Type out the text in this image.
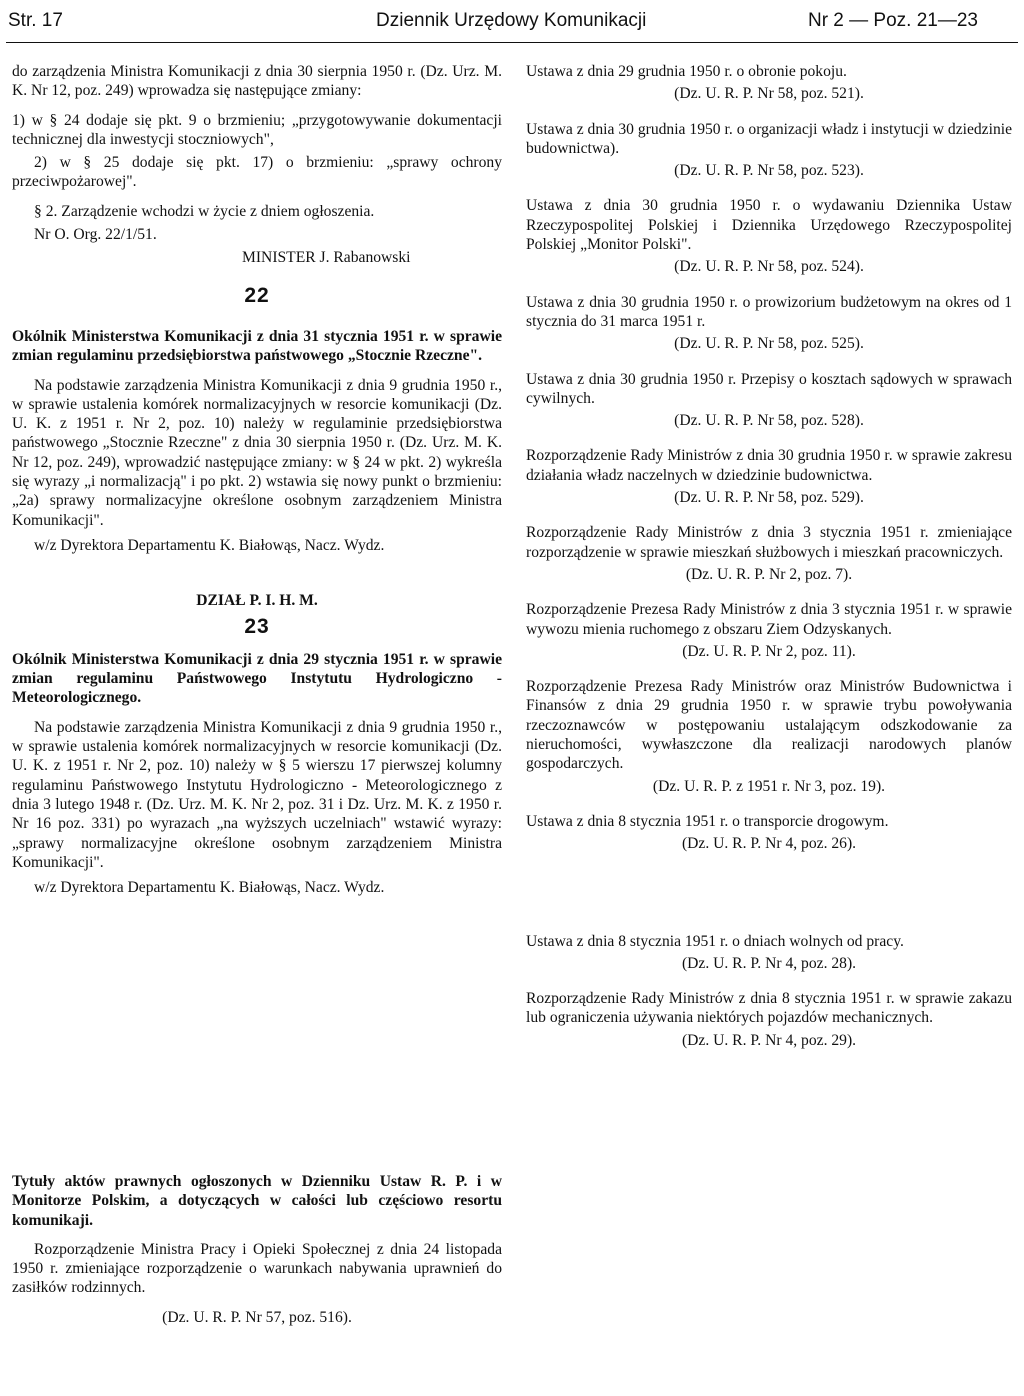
Str. 17	Dziennik Urzędowy Komunikacji	Nr 2 — Poz. 21—23

do zarządzenia Ministra Komunikacji z dnia 30 sierpnia 1950 r. (Dz. Urz. M. K. Nr 12, poz. 249) wprowadza się następujące zmiany:

1) w § 24 dodaje się pkt. 9 o brzmieniu; „przygotowywanie dokumentacji technicznej dla inwestycji stoczniowych",

2) w § 25 dodaje się pkt. 17) o brzmieniu: „sprawy ochrony przeciwpożarowej".

§ 2. Zarządzenie wchodzi w życie z dniem ogłoszenia.

Nr O. Org. 22/1/51.

MINISTER J. Rabanowski

22

Okólnik Ministerstwa Komunikacji z dnia 31 stycznia 1951 r. w sprawie zmian regulaminu przedsiębiorstwa państwowego „Stocznie Rzeczne".

Na podstawie zarządzenia Ministra Komunikacji z dnia 9 grudnia 1950 r., w sprawie ustalenia komórek normalizacyjnych w resorcie komunikacji (Dz. U. K. z 1951 r. Nr 2, poz. 10) należy w regulaminie przedsiębiorstwa państwowego „Stocznie Rzeczne" z dnia 30 sierpnia 1950 r. (Dz. Urz. M. K. Nr 12, poz. 249), wprowadzić następujące zmiany: w § 24 w pkt. 2) wykreśla się wyrazy „i normalizacją" i po pkt. 2) wstawia się nowy punkt o brzmieniu: „2a) sprawy normalizacyjne określone osobnym zarządzeniem Ministra Komunikacji".

w/z Dyrektora Departamentu K. Białowąs, Nacz. Wydz.

DZIAŁ P. I. H. M.

23

Okólnik Ministerstwa Komunikacji z dnia 29 stycznia 1951 r. w sprawie zmian regulaminu Państwowego Instytutu Hydrologiczno - Meteorologicznego.

Na podstawie zarządzenia Ministra Komunikacji z dnia 9 grudnia 1950 r., w sprawie ustalenia komórek normalizacyjnych w resorcie komunikacji (Dz. U. K. z 1951 r. Nr 2, poz. 10) należy w § 5 wierszu 17 pierwszej kolumny regulaminu Państwowego Instytutu Hydrologiczno - Meteorologicznego z dnia 3 lutego 1948 r. (Dz. Urz. M. K. Nr 2, poz. 31 i Dz. Urz. M. K. z 1950 r. Nr 16 poz. 331) po wyrazach „na wyższych uczelniach" wstawić wyrazy: „sprawy normalizacyjne określone osobnym zarządzeniem Ministra Komunikacji".

w/z Dyrektora Departamentu K. Białowąs, Nacz. Wydz.

Tytuły aktów prawnych ogłoszonych w Dzienniku Ustaw R. P. i w Monitorze Polskim, a dotyczących w całości lub częściowo resortu komunikaji.

Rozporządzenie Ministra Pracy i Opieki Społecznej z dnia 24 listopada 1950 r. zmieniające rozporządzenie o warunkach nabywania uprawnień do zasiłków rodzinnych.

(Dz. U. R. P. Nr 57, poz. 516).

Ustawa z dnia 29 grudnia 1950 r. o obronie pokoju.

(Dz. U. R. P. Nr 58, poz. 521).

Ustawa z dnia 30 grudnia 1950 r. o organizacji władz i instytucji w dziedzinie budownictwa).

(Dz. U. R. P. Nr 58, poz. 523).

Ustawa z dnia 30 grudnia 1950 r. o wydawaniu Dziennika Ustaw Rzeczypospolitej Polskiej i Dziennika Urzędowego Rzeczypospolitej Polskiej „Monitor Polski".

(Dz. U. R. P. Nr 58, poz. 524).

Ustawa z dnia 30 grudnia 1950 r. o prowizorium budżetowym na okres od 1 stycznia do 31 marca 1951 r.

(Dz. U. R. P. Nr 58, poz. 525).

Ustawa z dnia 30 grudnia 1950 r. Przepisy o kosztach sądowych w sprawach cywilnych.

(Dz. U. R. P. Nr 58, poz. 528).

Rozporządzenie Rady Ministrów z dnia 30 grudnia 1950 r. w sprawie zakresu działania władz naczelnych w dziedzinie budownictwa.

(Dz. U. R. P. Nr 58, poz. 529).

Rozporządzenie Rady Ministrów z dnia 3 stycznia 1951 r. zmieniające rozporządzenie w sprawie mieszkań służbowych i mieszkań pracowniczych.

(Dz. U. R. P. Nr 2, poz. 7).

Rozporządzenie Prezesa Rady Ministrów z dnia 3 stycznia 1951 r. w sprawie wywozu mienia ruchomego z obszaru Ziem Odzyskanych.

(Dz. U. R. P. Nr 2, poz. 11).

Rozporządzenie Prezesa Rady Ministrów oraz Ministrów Budownictwa i Finansów z dnia 29 grudnia 1950 r. w sprawie trybu powoływania rzeczoznawców w postępowaniu ustalającym odszkodowanie za nieruchomości, wywłaszczone dla realizacji narodowych planów gospodarczych.

(Dz. U. R. P. z 1951 r. Nr 3, poz. 19).

Ustawa z dnia 8 stycznia 1951 r. o transporcie drogowym.

(Dz. U. R. P. Nr 4, poz. 26).

Ustawa z dnia 8 stycznia 1951 r. o dniach wolnych od pracy.

(Dz. U. R. P. Nr 4, poz. 28).

Rozporządzenie Rady Ministrów z dnia 8 stycznia 1951 r. w sprawie zakazu lub ograniczenia używania niektórych pojazdów mechanicznych.

(Dz. U. R. P. Nr 4, poz. 29).
